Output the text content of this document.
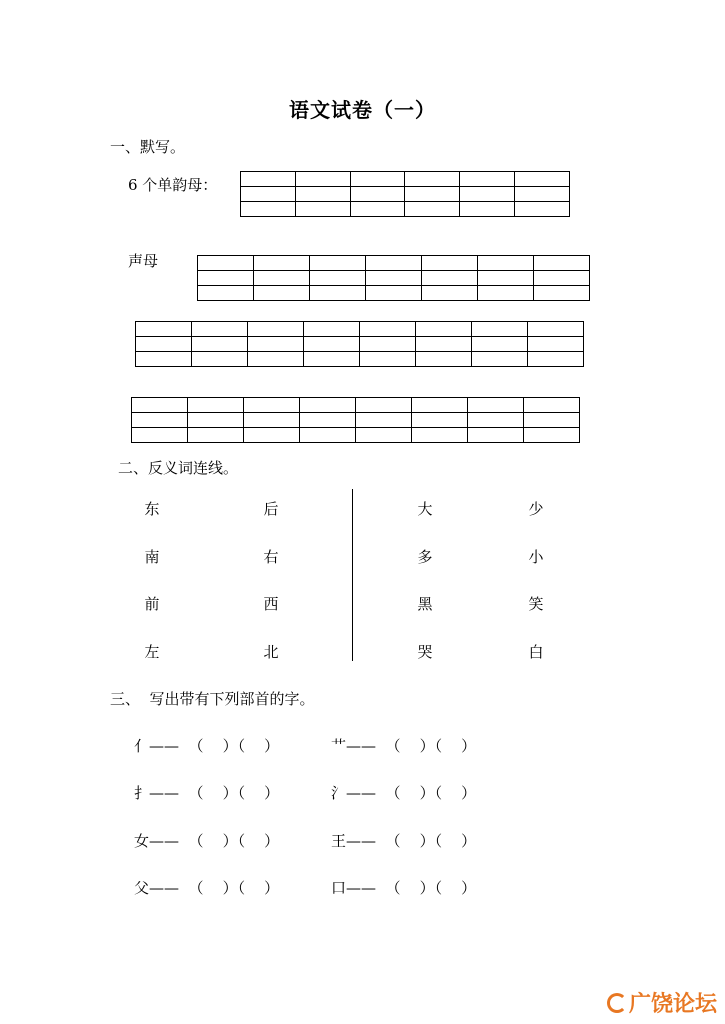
语文试卷（一）
一、默写。
6 个单韵母：

声母

二、反义词连线。
东	后
南	右
前	西
左	北
大	少
多	小
黑	笑
哭	白
三、  写出带有下列部首的字。
亻——  （    ）（    ）	艹——  （    ）（    ）
扌——  （    ）（    ）	氵——  （    ）（    ）
女——  （    ）（    ）	王——  （    ）（    ）
父——  （    ）（    ）	口——  （    ）（    ）
广饶论坛
